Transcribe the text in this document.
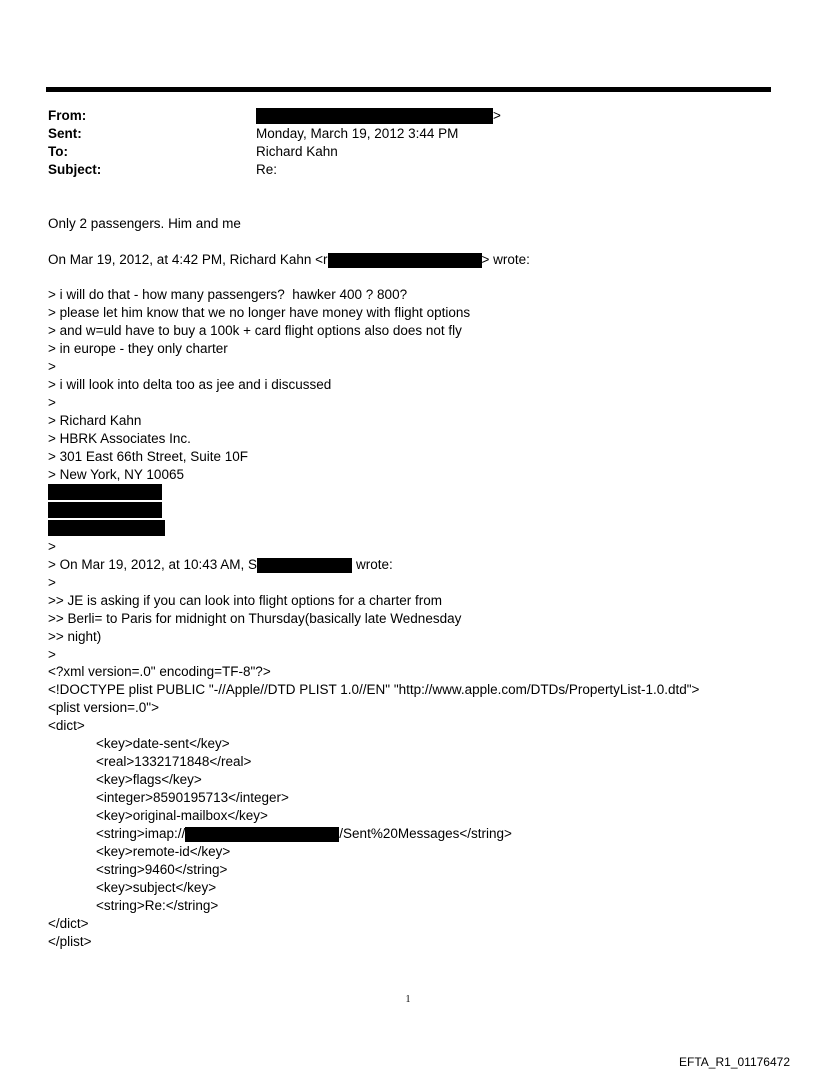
From:	>
Sent:	Monday, March 19, 2012 3:44 PM
To:	Richard Kahn
Subject:	Re:
Only 2 passengers. Him and me
On Mar 19, 2012, at 4:42 PM, Richard Kahn <r	> wrote:
> i will do that - how many passengers?  hawker 400 ? 800?
> please let him know that we no longer have money with flight options
> and w=uld have to buy a 100k + card flight options also does not fly
> in europe - they only charter
>
> i will look into delta too as jee and i discussed
>
> Richard Kahn
> HBRK Associates Inc.
> 301 East 66th Street, Suite 10F
> New York, NY 10065
>
> On Mar 19, 2012, at 10:43 AM, S	wrote:
>
>> JE is asking if you can look into flight options for a charter from
>> Berli= to Paris for midnight on Thursday(basically late Wednesday
>> night)
>
<?xml version=.0" encoding=TF-8"?>
<!DOCTYPE plist PUBLIC "-//Apple//DTD PLIST 1.0//EN" "http://www.apple.com/DTDs/PropertyList-1.0.dtd">
<plist version=.0">
<dict>
<key>date-sent</key>
<real>1332171848</real>
<key>flags</key>
<integer>8590195713</integer>
<key>original-mailbox</key>
<string>imap://	/Sent%20Messages</string>
<key>remote-id</key>
<string>9460</string>
<key>subject</key>
<string>Re:</string>
</dict>
</plist>
1
EFTA_R1_01176472
